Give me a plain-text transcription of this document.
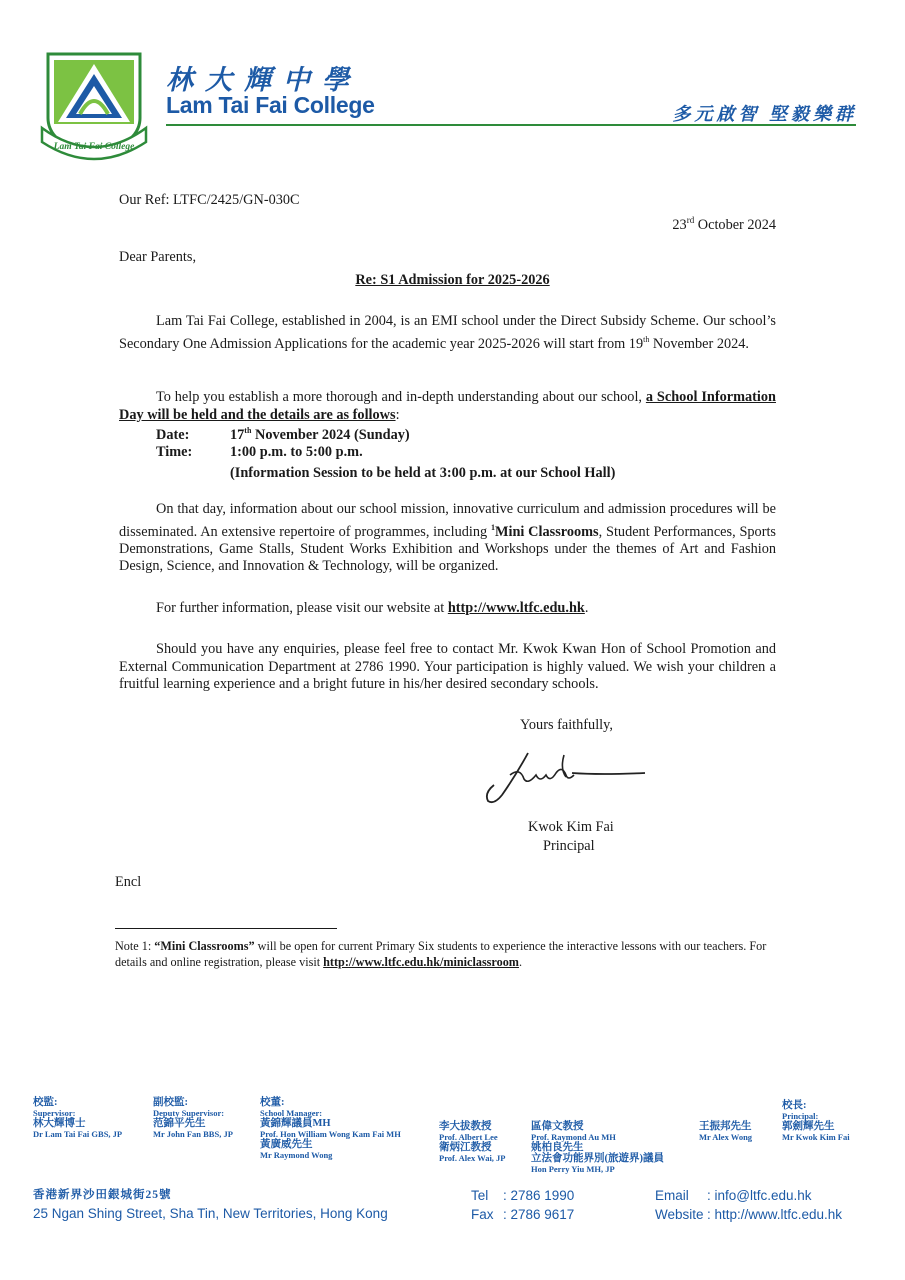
Lam Tai Fai College
林大輝中學
Lam Tai Fai College	多元啟智 堅毅樂群
Our Ref: LTFC/2425/GN-030C
23rd October 2024
Dear Parents,
Re: S1 Admission for 2025-2026
Lam Tai Fai College, established in 2004, is an EMI school under the Direct Subsidy Scheme. Our school’s Secondary One Admission Applications for the academic year 2025-2026 will start from 19th November 2024.
To help you establish a more thorough and in-depth understanding about our school, a School Information Day will be held and the details are as follows:
Date:	17th November 2024 (Sunday)
Time:	1:00 p.m. to 5:00 p.m.
(Information Session to be held at 3:00 p.m. at our School Hall)
On that day, information about our school mission, innovative curriculum and admission procedures will be disseminated. An extensive repertoire of programmes, including $^1$Mini Classrooms, Student Performances, Sports Demonstrations, Game Stalls, Student Works Exhibition and Workshops under the themes of Art and Fashion Design, Science, and Innovation & Technology, will be organized.
For further information, please visit our website at http://www.ltfc.edu.hk.
Should you have any enquiries, please feel free to contact Mr. Kwok Kwan Hon of School Promotion and External Communication Department at 2786 1990. Your participation is highly valued. We wish your children a fruitful learning experience and a bright future in his/her desired secondary schools.
Yours faithfully,
Kwok Kim Fai
Principal
Encl
Note 1: “Mini Classrooms” will be open for current Primary Six students to experience the interactive lessons with our teachers. For details and online registration, please visit http://www.ltfc.edu.hk/miniclassroom.
校監:
Supervisor:
林大輝博士
Dr Lam Tai Fai GBS, JP
副校監:
Deputy Supervisor:
范錦平先生
Mr John Fan BBS, JP
校董:
School Manager:
黃錦輝議員MH
Prof. Hon William Wong Kam Fai MH
黃廣威先生
Mr Raymond Wong
李大拔教授
Prof. Albert Lee
衛炳江教授
Prof. Alex Wai, JP
區偉文教授
Prof. Raymond Au MH
姚柏良先生
立法會功能界別(旅遊界)議員
Hon Perry Yiu MH, JP
王振邦先生
Mr Alex Wong
校長:
Principal:
郭劍輝先生
Mr Kwok Kim Fai
香港新界沙田銀城街25號
25 Ngan Shing Street, Sha Tin, New Territories, Hong Kong
Tel : 2786 1990
Fax : 2786 9617
Email : info@ltfc.edu.hk
Website : http://www.ltfc.edu.hk
